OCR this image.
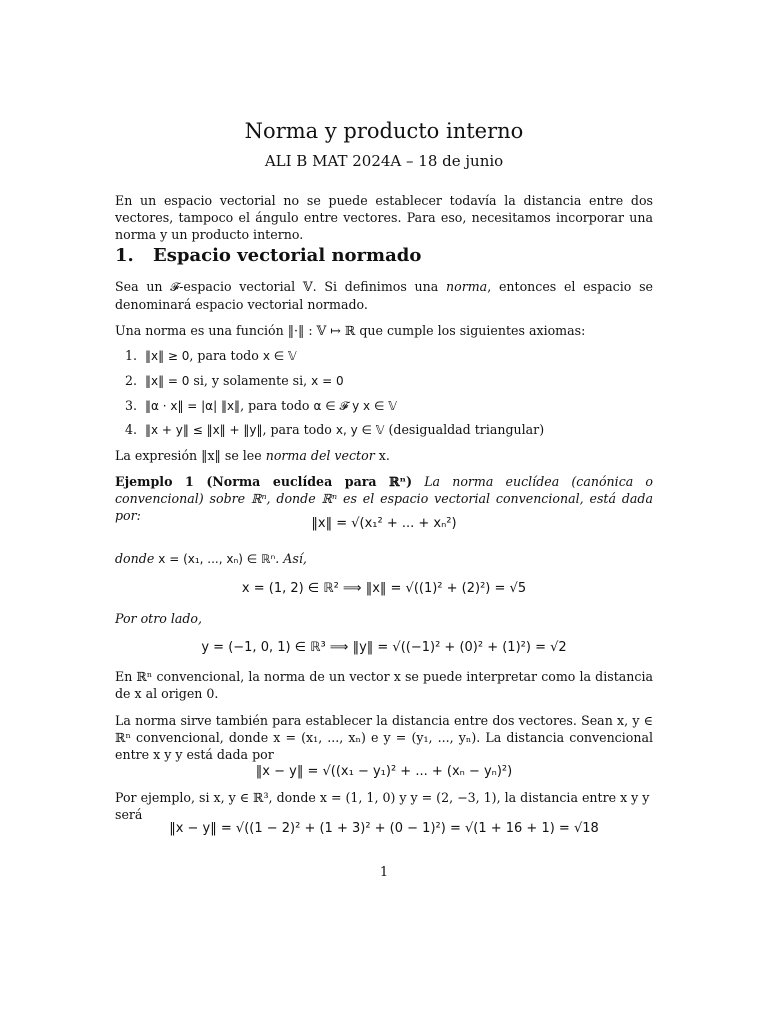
Norma y producto interno
ALI B MAT 2024A – 18 de junio
En un espacio vectorial no se puede establecer todavía la distancia entre dos vectores, tampoco el ángulo entre vectores. Para eso, necesitamos incorporar una norma y un producto interno.
1. Espacio vectorial normado
Sea un 𝓕-espacio vectorial 𝕍. Si definimos una norma, entonces el espacio se denominará espacio vectorial normado.
Una norma es una función ‖·‖ : 𝕍 ↦ ℝ que cumple los siguientes axiomas:
1. ‖x‖ ≥ 0, para todo x ∈ 𝕍
2. ‖x‖ = 0 si, y solamente si, x = 0
3. ‖α · x‖ = |α| ‖x‖, para todo α ∈ 𝓕 y x ∈ 𝕍
4. ‖x + y‖ ≤ ‖x‖ + ‖y‖, para todo x, y ∈ 𝕍 (desigualdad triangular)
La expresión ‖x‖ se lee norma del vector x.
Ejemplo 1 (Norma euclídea para ℝⁿ) La norma euclídea (canónica o convencional) sobre ℝⁿ, donde ℝⁿ es el espacio vectorial convencional, está dada por:
‖x‖ = √(x₁² + ... + xₙ²)
donde x = (x₁, ..., xₙ) ∈ ℝⁿ. Así,
x = (1, 2) ∈ ℝ² ⟹ ‖x‖ = √((1)² + (2)²) = √5
Por otro lado,
y = (−1, 0, 1) ∈ ℝ³ ⟹ ‖y‖ = √((−1)² + (0)² + (1)²) = √2
En ℝⁿ convencional, la norma de un vector x se puede interpretar como la distancia de x al origen 0.
La norma sirve también para establecer la distancia entre dos vectores. Sean x, y ∈ ℝⁿ convencional, donde x = (x₁, ..., xₙ) e y = (y₁, ..., yₙ). La distancia convencional entre x y y está dada por
‖x − y‖ = √((x₁ − y₁)² + ... + (xₙ − yₙ)²)
Por ejemplo, si x, y ∈ ℝ³, donde x = (1, 1, 0) y y = (2, −3, 1), la distancia entre x y y será
‖x − y‖ = √((1 − 2)² + (1 + 3)² + (0 − 1)²) = √(1 + 16 + 1) = √18
1
